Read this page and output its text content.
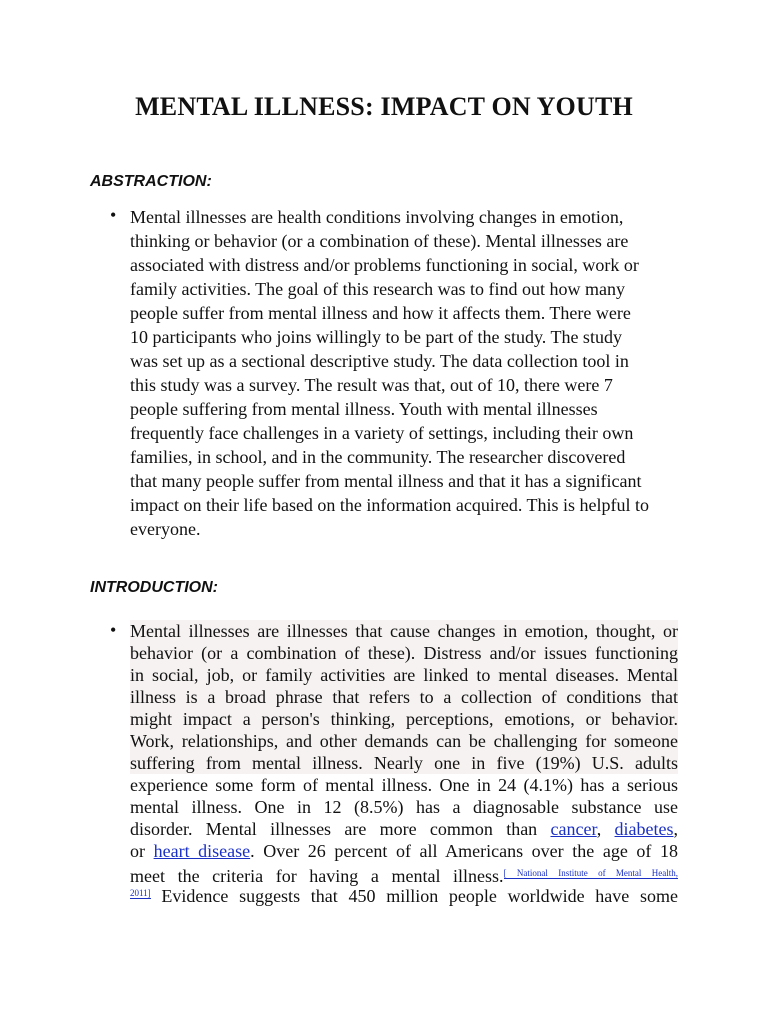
MENTAL ILLNESS: IMPACT ON YOUTH
ABSTRACTION:
• Mental illnesses are health conditions involving changes in emotion,
thinking or behavior (or a combination of these). Mental illnesses are
associated with distress and/or problems functioning in social, work or
family activities. The goal of this research was to find out how many
people suffer from mental illness and how it affects them. There were
10 participants who joins willingly to be part of the study. The study
was set up as a sectional descriptive study. The data collection tool in
this study was a survey. The result was that, out of 10, there were 7
people suffering from mental illness. Youth with mental illnesses
frequently face challenges in a variety of settings, including their own
families, in school, and in the community. The researcher discovered
that many people suffer from mental illness and that it has a significant
impact on their life based on the information acquired. This is helpful to
everyone.
INTRODUCTION:
• Mental illnesses are illnesses that cause changes in emotion, thought, or
behavior (or a combination of these). Distress and/or issues functioning
in social, job, or family activities are linked to mental diseases. Mental
illness is a broad phrase that refers to a collection of conditions that
might impact a person's thinking, perceptions, emotions, or behavior.
Work, relationships, and other demands can be challenging for someone
suffering from mental illness. Nearly one in five (19%) U.S. adults
experience some form of mental illness. One in 24 (4.1%) has a serious
mental illness. One in 12 (8.5%) has a diagnosable substance use
disorder. Mental illnesses are more common than cancer, diabetes,
or heart disease. Over 26 percent of all Americans over the age of 18
meet the criteria for having a mental illness.$^{[ National Institute of Mental Health,}$
$^{2011]}$ Evidence suggests that 450 million people worldwide have some
